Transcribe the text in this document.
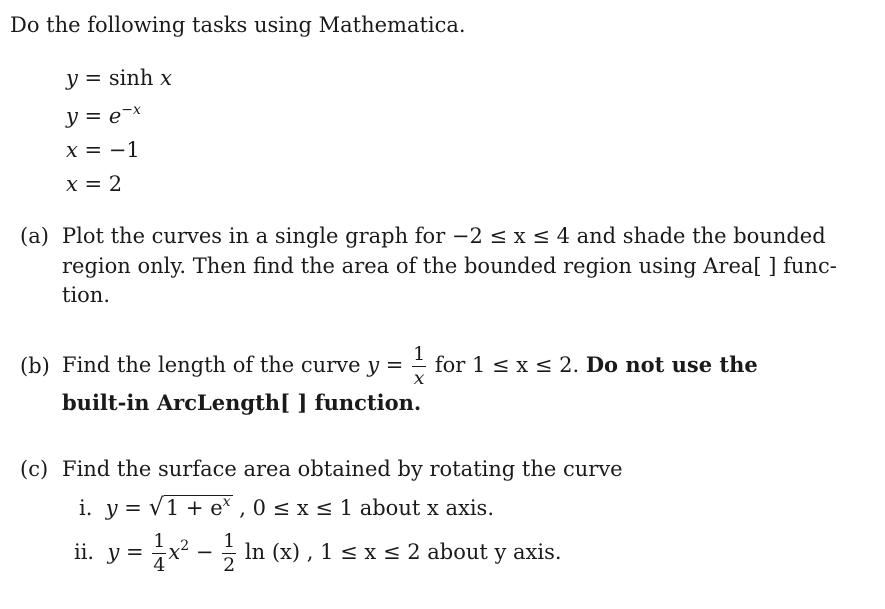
Do the following tasks using Mathematica.
y = sinh x
$y = e^{-x}$
x = −1
x = 2
(a) Plot the curves in a single graph for −2 ≤ x ≤ 4 and shade the bounded
region only. Then find the area of the bounded region using Area[ ] func-
tion.
(b) Find the length of the curve $y = \frac{1}{x}$ for 1 ≤ x ≤ 2. Do not use the
built-in ArcLength[ ] function.
(c) Find the surface area obtained by rotating the curve
i. $y = √1 + e^x$ , 0 ≤ x ≤ 1 about x axis.
ii. $y = \frac{1}{4} x^2 - \frac{1}{2}$ ln (x) , 1 ≤ x ≤ 2 about y axis.
